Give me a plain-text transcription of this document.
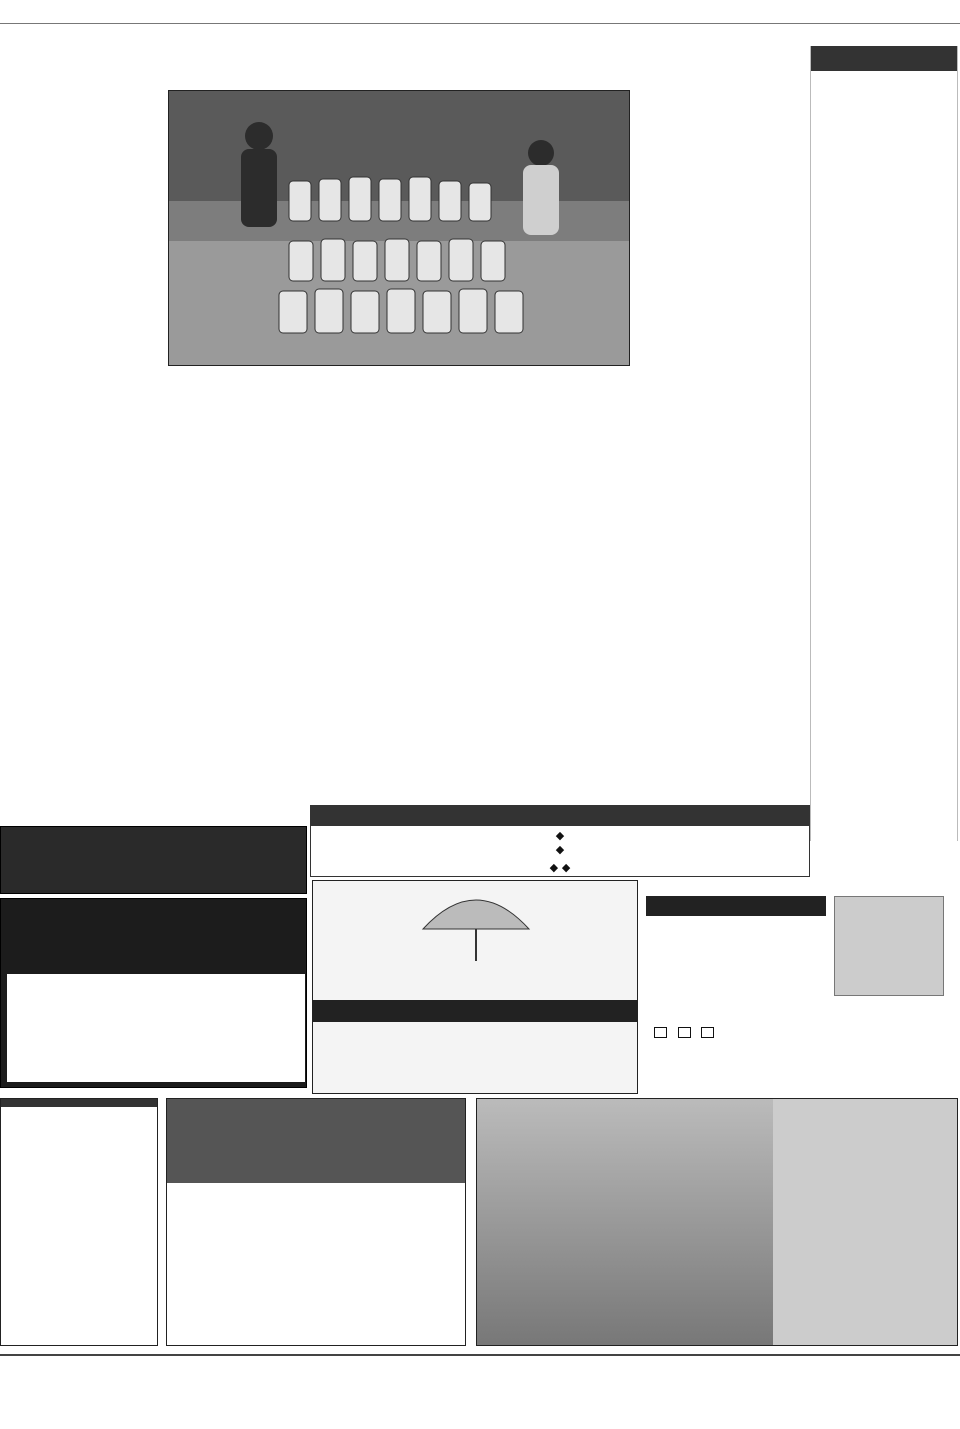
◆
◆
◆ ◆
